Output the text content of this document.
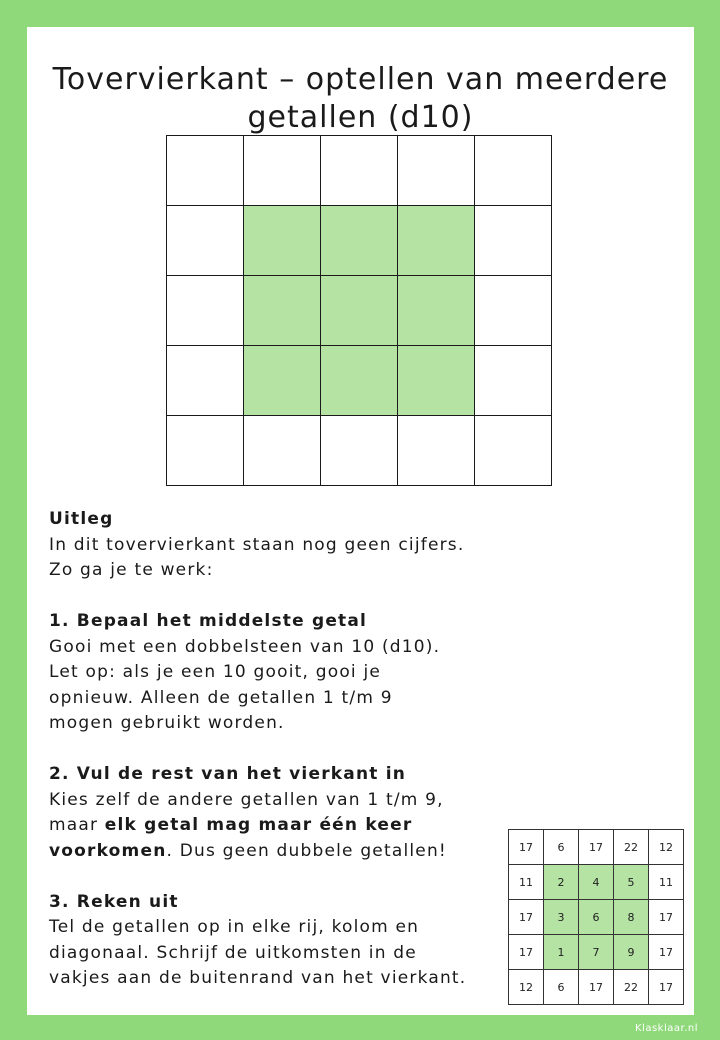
Tovervierkant – optellen van meerdere
getallen (d10)

Uitleg

In dit tovervierkant staan nog geen cijfers.

Zo ga je te werk:

1. Bepaal het middelste getal

Gooi met een dobbelsteen van 10 (d10).

Let op: als je een 10 gooit, gooi je

opnieuw. Alleen de getallen 1 t/m 9

mogen gebruikt worden.

2. Vul de rest van het vierkant in

Kies zelf de andere getallen van 1 t/m 9,

maar elk getal mag maar één keer

voorkomen. Dus geen dubbele getallen!

3. Reken uit

Tel de getallen op in elke rij, kolom en

diagonaal. Schrijf de uitkomsten in de

vakjes aan de buitenrand van het vierkant.

17	6	17	22	12
11	2	4	5	11
17	3	6	8	17
17	1	7	9	17
12	6	17	22	17
Klasklaar.nl
